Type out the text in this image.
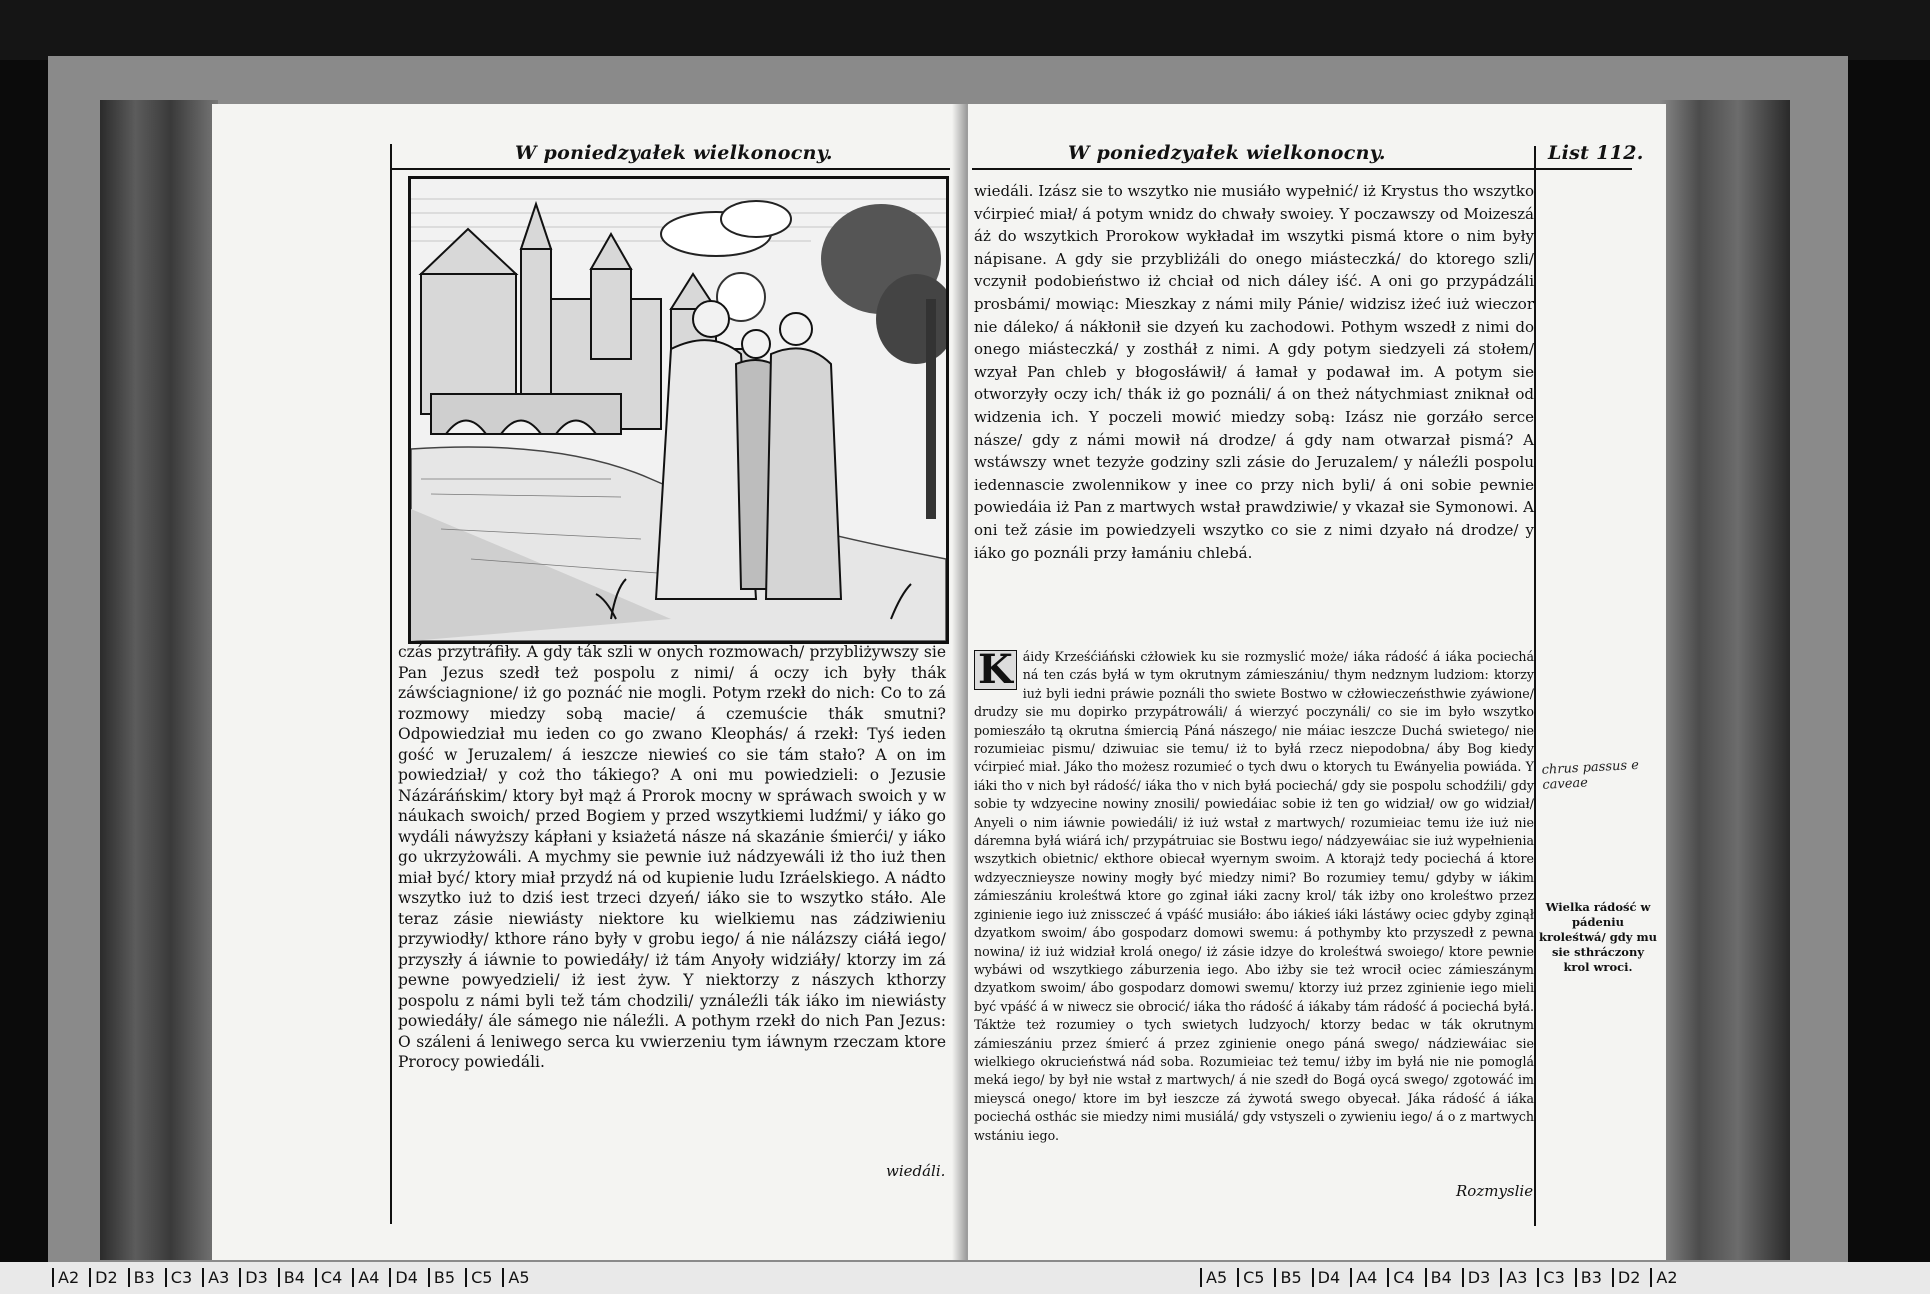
W poniedzyałek wielkonocny.

czás przytráfiły. A gdy ták szli w onych rozmowach/ przybliżywszy sie Pan Jezus szedł też pospolu z nimi/ á oczy ich były thák záwściagnione/ iż go poznáć nie mogli. Potym rzekł do nich: Co to zá rozmowy miedzy sobą macie/ á czemuście thák smutni? Odpowiedział mu ieden co go zwano Kleophás/ á rzekł: Tyś ieden gość w Jeruzalem/ á ieszcze niewieś co sie tám stało? A on im powiedział/ y coż tho tákiego? A oni mu powiedzieli: o Jezusie Názáráńskim/ ktory był mąż á Prorok mocny w spráwach swoich y w náukach swoich/ przed Bogiem y przed wszytkiemi ludźmi/ y iáko go wydáli náwyższy kápłani y ksiażetá násze ná skazánie śmierći/ y iáko go ukrzyżowáli. A mychmy sie pewnie iuż nádzyewáli iż tho iuż then miał być/ ktory miał przydź ná od kupienie ludu Izráelskiego. A nádto wszytko iuż to dziś iest trzeci dzyeń/ iáko sie to wszytko stáło. Ale teraz zásie niewiásty niektore ku wielkiemu nas zádziwieniu przywiodły/ kthore ráno były v grobu iego/ á nie nálázszy ciáłá iego/ przyszły á iáwnie to powiedáły/ iż tám Anyoły widziáły/ ktorzy im zá pewne powyedzieli/ iż iest żyw. Y niektorzy z nászych kthorzy pospolu z námi byli tež tám chodzili/ yználeźli ták iáko im niewiásty powiedáły/ ále sámego nie náleźli. A pothym rzekł do nich Pan Jezus: O száleni á leniwego serca ku vwierzeniu tym iáwnym rzeczam ktore Prorocy powiedáli.

wiedáli.
W poniedzyałek wielkonocny.	List 112.

wiedáli. Izász sie to wszytko nie musiáło wypełnić/ iż Krystus tho wszytko vćirpieć miał/ á potym wnidz do chwały swoiey. Y poczawszy od Moizeszá áż do wszytkich Prorokow wykładał im wszytki pismá ktore o nim były nápisane. A gdy sie przybliżáli do onego miásteczká/ do ktorego szli/ vczynił podobieństwo iż chciał od nich dáley iść. A oni go przypádzáli prosbámi/ mowiąc: Mieszkay z námi mily Pánie/ widzisz iżeć iuż wieczor nie dáleko/ á nákłonił sie dzyeń ku zachodowi. Pothym wszedł z nimi do onego miásteczká/ y zostháł z nimi. A gdy potym siedzyeli zá stołem/ wzyał Pan chleb y błogosłáwił/ á łamał y podawał im. A potym sie otworzyły oczy ich/ thák iż go poználi/ á on theż nátychmiast zniknał od widzenia ich. Y poczeli mowić miedzy sobą: Izász nie gorzáło serce násze/ gdy z námi mowił ná drodze/ á gdy nam otwarzał pismá? A wstáwszy wnet tezyże godziny szli zásie do Jeruzalem/ y náleźli pospolu iedennascie zwolennikow y inee co przy nich byli/ á oni sobie pewnie powiedáia iż Pan z martwych wstał prawdziwie/ y vkazał sie Symonowi. A oni tež zásie im powiedzyeli wszytko co sie z nimi dzyało ná drodze/ y iáko go poználi przy łamániu chlebá.

K áidy Krześćiáński cżłowiek ku sie rozmyslić może/ iáka rádość á iáka pociechá ná ten czás byłá w tym okrutnym zámieszániu/ thym nedznym ludziom: ktorzy iuż byli iedni práwie poználi tho swiete Bostwo w cżłowieczeństhwie zyáwione/ drudzy sie mu dopirko przypátrowáli/ á wierzyć poczynáli/ co sie im było wszytko pomieszáło tą okrutna śmiercią Páná nászego/ nie máiac ieszcze Duchá swietego/ nie rozumieiac pismu/ dziwuiac sie temu/ iż to byłá rzecz niepodobna/ áby Bog kiedy vćirpieć miał. Jáko tho możesz rozumieć o tych dwu o ktorych tu Ewányelia powiáda. Y iáki tho v nich był rádość/ iáka tho v nich byłá pociechá/ gdy sie pospolu schodźili/ gdy sobie ty wdzyecine nowiny znosili/ powiedáiac sobie iż ten go widział/ ow go widział/ Anyeli o nim iáwnie powiedáli/ iż iuż wstał z martwych/ rozumieiac temu iże iuż nie dáremna byłá wiárá ich/ przypátruiac sie Bostwu iego/ nádzyewáiac sie iuż wypełnienia wszytkich obietnic/ ekthore obiecał wyernym swoim. A ktorajż tedy pociechá á ktore wdzyecznieysze nowiny mogły być miedzy nimi? Bo rozumiey temu/ gdyby w iákim zámieszániu kroleśtwá ktore go zginał iáki zacny krol/ ták iżby ono kroleśtwo przez zginienie iego iuż znissczeć á vpáść musiáło: ábo iákieś iáki lástáwy ociec gdyby zginął dzyatkom swoim/ ábo gospodarz domowi swemu: á pothymby kto przyszedł z pewna nowina/ iż iuż widział krolá onego/ iż zásie idzye do kroleśtwá swoiego/ ktore pewnie wybáwi od wszytkiego záburzenia iego. Abo iżby sie też wrocił ociec zámieszánym dzyatkom swoim/ ábo gospodarz domowi swemu/ ktorzy iuż przez zginienie iego mieli być vpáść á w niwecz sie obrocić/ iáka tho rádość á iákaby tám rádość á pociechá byłá. Táktże też rozumiey o tych swietych ludzyoch/ ktorzy bedac w ták okrutnym zámieszániu przez śmierć á przez zginienie onego páná swego/ nádziewáiac sie wielkiego okrucieństwá nád soba. Rozumieiac też temu/ iżby im byłá nie nie pomoglá meká iego/ by był nie wstał z martwych/ á nie szedł do Bogá oycá swego/ zgotowáć im mieyscá onego/ ktore im był ieszcze zá żywotá swego obyecał. Jáka rádość á iáka pociechá osthác sie miedzy nimi musiálá/ gdy vstyszeli o zywieniu iego/ á o z martwych wstániu iego.

chrus passus e caveae
Wielka rádość w pádeniu kroleśtwá/ gdy mu sie sthráczony krol wroci.
Rozmyslie
A2	D2	B3	C3	A3	D3	B4	C4	A4	D4	B5	C5	A5	A5	C5	B5	D4	A4	C4	B4	D3	A3	C3	B3	D2	A2
